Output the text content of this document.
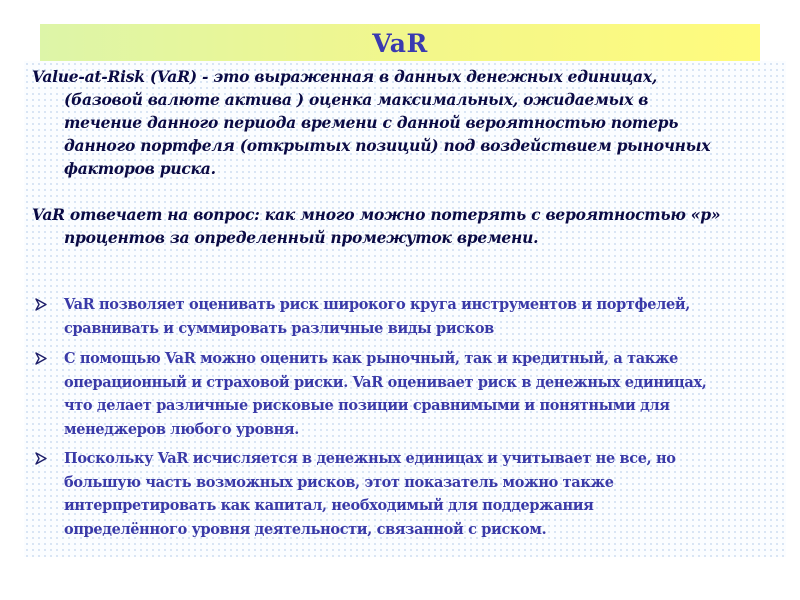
VaR
Value-at-Risk (VaR) - это выраженная в данных денежных единицах,
(базовой валюте актива ) оценка максимальных, ожидаемых в
течение данного периода времени с данной вероятностью потерь
данного портфеля (открытых позиций) под воздействием рыночных
факторов риска.
VaR отвечает на вопрос: как много можно потерять с вероятностью «р»
процентов за определенный промежуток времени.
VaR позволяет оценивать риск широкого круга инструментов и портфелей,
сравнивать и суммировать различные виды рисков
С помощью VaR можно оценить как рыночный, так и кредитный, а также
операционный и страховой риски. VaR оценивает риск в денежных единицах,
что делает различные рисковые позиции сравнимыми и понятными для
менеджеров любого уровня.
Поскольку VaR исчисляется в денежных единицах и учитывает не все, но
большую часть возможных рисков, этот показатель можно также
интерпретировать как капитал, необходимый для поддержания
определённого уровня деятельности, связанной с риском.
